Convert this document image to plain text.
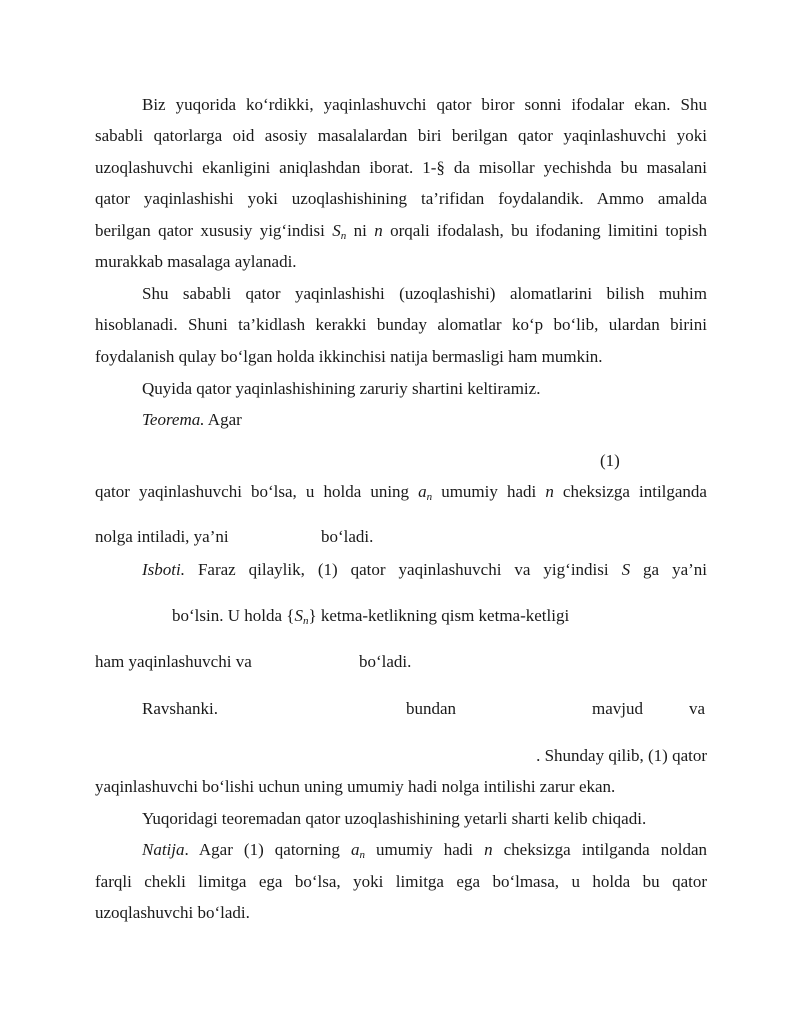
Biz yuqorida ko‘rdikki, yaqinlashuvchi qator biror sonni ifodalar ekan. Shu
sababli qatorlarga oid asosiy masalalardan biri berilgan qator yaqinlashuvchi yoki
uzoqlashuvchi ekanligini aniqlashdan iborat. 1-§ da misollar yechishda bu masalani
qator yaqinlashishi yoki uzoqlashishining ta’rifidan foydalandik. Ammo amalda
berilgan qator xususiy yig‘indisi $S_n$ ni n orqali ifodalash, bu ifodaning limitini topish
murakkab masalaga aylanadi.
Shu sababli qator yaqinlashishi (uzoqlashishi) alomatlarini bilish muhim
hisoblanadi. Shuni ta’kidlash kerakki bunday alomatlar ko‘p bo‘lib, ulardan birini
foydalanish qulay bo‘lgan holda ikkinchisi natija bermasligi ham mumkin.
Quyida qator yaqinlashishining zaruriy shartini keltiramiz.
Teorema. Agar
(1)
qator yaqinlashuvchi bo‘lsa, u holda uning $a_n$ umumiy hadi n cheksizga intilganda
nolga intiladi, ya’ni	bo‘ladi.
Isboti. Faraz qilaylik, (1) qator yaqinlashuvchi va yig‘indisi S ga ya’ni
bo‘lsin. U holda $\{S_n\}$ ketma-ketlikning qism ketma-ketligi
ham yaqinlashuvchi va	bo‘ladi.
Ravshanki.	bundan	mavjud	va
. Shunday qilib, (1) qator
yaqinlashuvchi bo‘lishi uchun uning umumiy hadi nolga intilishi zarur ekan.
Yuqoridagi teoremadan qator uzoqlashishining yetarli sharti kelib chiqadi.
Natija. Agar (1) qatorning $a_n$ umumiy hadi n cheksizga intilganda noldan
farqli chekli limitga ega bo‘lsa, yoki limitga ega bo‘lmasa, u holda bu qator
uzoqlashuvchi bo‘ladi.
